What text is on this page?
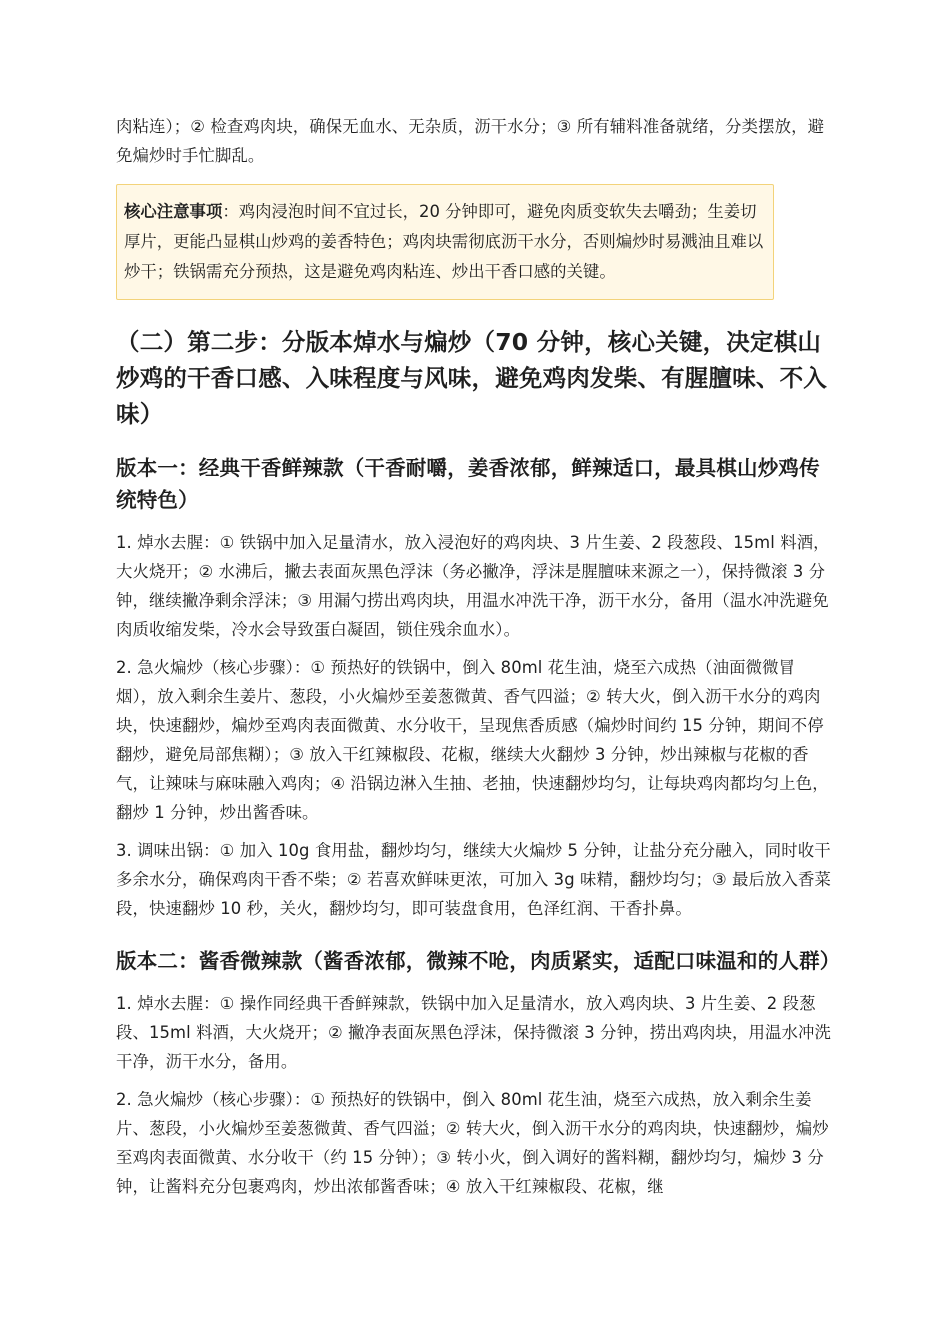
肉粘连）；② 检查鸡肉块，确保无血水、无杂质，沥干水分；③ 所有辅料准备就绪，分类摆放，避免煸炒时手忙脚乱。

核心注意事项：鸡肉浸泡时间不宜过长，20 分钟即可，避免肉质变软失去嚼劲；生姜切厚片，更能凸显棋山炒鸡的姜香特色；鸡肉块需彻底沥干水分，否则煸炒时易溅油且难以炒干；铁锅需充分预热，这是避免鸡肉粘连、炒出干香口感的关键。
（二）第二步：分版本焯水与煸炒（70 分钟，核心关键，决定棋山炒鸡的干香口感、入味程度与风味，避免鸡肉发柴、有腥膻味、不入味）
版本一：经典干香鲜辣款（干香耐嚼，姜香浓郁，鲜辣适口，最具棋山炒鸡传统特色）

1. 焯水去腥：① 铁锅中加入足量清水，放入浸泡好的鸡肉块、3 片生姜、2 段葱段、15ml 料酒，大火烧开；② 水沸后，撇去表面灰黑色浮沫（务必撇净，浮沫是腥膻味来源之一），保持微滚 3 分钟，继续撇净剩余浮沫；③ 用漏勺捞出鸡肉块，用温水冲洗干净，沥干水分，备用（温水冲洗避免肉质收缩发柴，冷水会导致蛋白凝固，锁住残余血水）。

2. 急火煸炒（核心步骤）：① 预热好的铁锅中，倒入 80ml 花生油，烧至六成热（油面微微冒烟），放入剩余生姜片、葱段，小火煸炒至姜葱微黄、香气四溢；② 转大火，倒入沥干水分的鸡肉块，快速翻炒，煸炒至鸡肉表面微黄、水分收干，呈现焦香质感（煸炒时间约 15 分钟，期间不停翻炒，避免局部焦糊）；③ 放入干红辣椒段、花椒，继续大火翻炒 3 分钟，炒出辣椒与花椒的香气，让辣味与麻味融入鸡肉；④ 沿锅边淋入生抽、老抽，快速翻炒均匀，让每块鸡肉都均匀上色，翻炒 1 分钟，炒出酱香味。

3. 调味出锅：① 加入 10g 食用盐，翻炒均匀，继续大火煸炒 5 分钟，让盐分充分融入，同时收干多余水分，确保鸡肉干香不柴；② 若喜欢鲜味更浓，可加入 3g 味精，翻炒均匀；③ 最后放入香菜段，快速翻炒 10 秒，关火，翻炒均匀，即可装盘食用，色泽红润、干香扑鼻。

版本二：酱香微辣款（酱香浓郁，微辣不呛，肉质紧实，适配口味温和的人群）

1. 焯水去腥：① 操作同经典干香鲜辣款，铁锅中加入足量清水，放入鸡肉块、3 片生姜、2 段葱段、15ml 料酒，大火烧开；② 撇净表面灰黑色浮沫，保持微滚 3 分钟，捞出鸡肉块，用温水冲洗干净，沥干水分，备用。

2. 急火煸炒（核心步骤）：① 预热好的铁锅中，倒入 80ml 花生油，烧至六成热，放入剩余生姜片、葱段，小火煸炒至姜葱微黄、香气四溢；② 转大火，倒入沥干水分的鸡肉块，快速翻炒，煸炒至鸡肉表面微黄、水分收干（约 15 分钟）；③ 转小火，倒入调好的酱料糊，翻炒均匀，煸炒 3 分钟，让酱料充分包裹鸡肉，炒出浓郁酱香味；④ 放入干红辣椒段、花椒，继
